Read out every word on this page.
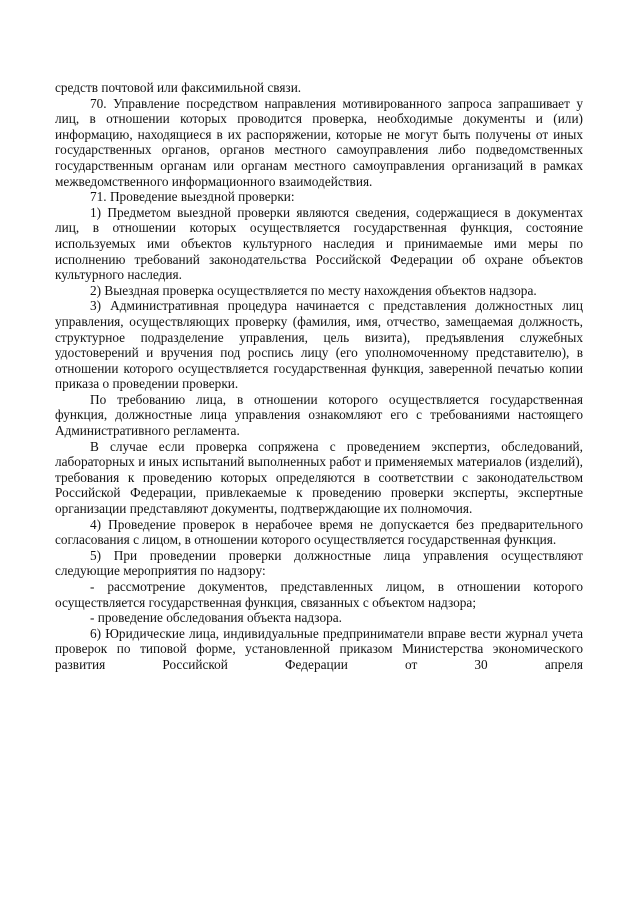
средств почтовой или факсимильной связи.

70. Управление посредством направления мотивированного запроса запрашивает у лиц, в отношении которых проводится проверка, необходимые документы и (или) информацию, находящиеся в их распоряжении, которые не могут быть получены от иных государственных органов, органов местного самоуправления либо подведомственных государственным органам или органам местного самоуправления организаций в рамках межведомственного информационного взаимодействия.

71. Проведение выездной проверки:

1) Предметом выездной проверки являются сведения, содержащиеся в документах лиц, в отношении которых осуществляется государственная функция, состояние используемых ими объектов культурного наследия и принимаемые ими меры по исполнению требований законодательства Российской Федерации об охране объектов культурного наследия.

2) Выездная проверка осуществляется по месту нахождения объектов надзора.

3) Административная процедура начинается с представления должностных лиц управления, осуществляющих проверку (фамилия, имя, отчество, замещаемая должность, структурное подразделение управления, цель визита), предъявления служебных удостоверений и вручения под роспись лицу (его уполномоченному представителю), в отношении которого осуществляется государственная функция, заверенной печатью копии приказа о проведении проверки.

По требованию лица, в отношении которого осуществляется государственная функция, должностные лица управления ознакомляют его с требованиями настоящего Административного регламента.

В случае если проверка сопряжена с проведением экспертиз, обследований, лабораторных и иных испытаний выполненных работ и применяемых материалов (изделий), требования к проведению которых определяются в соответствии с законодательством Российской Федерации, привлекаемые к проведению проверки эксперты, экспертные организации представляют документы, подтверждающие их полномочия.

4) Проведение проверок в нерабочее время не допускается без предварительного согласования с лицом, в отношении которого осуществляется государственная функция.

5) При проведении проверки должностные лица управления осуществляют следующие мероприятия по надзору:

- рассмотрение документов, представленных лицом, в отношении которого осуществляется государственная функция, связанных с объектом надзора;

- проведение обследования объекта надзора.

6) Юридические лица, индивидуальные предприниматели вправе вести журнал учета проверок по типовой форме, установленной приказом Министерства экономического развития Российской Федерации от 30 апреля
